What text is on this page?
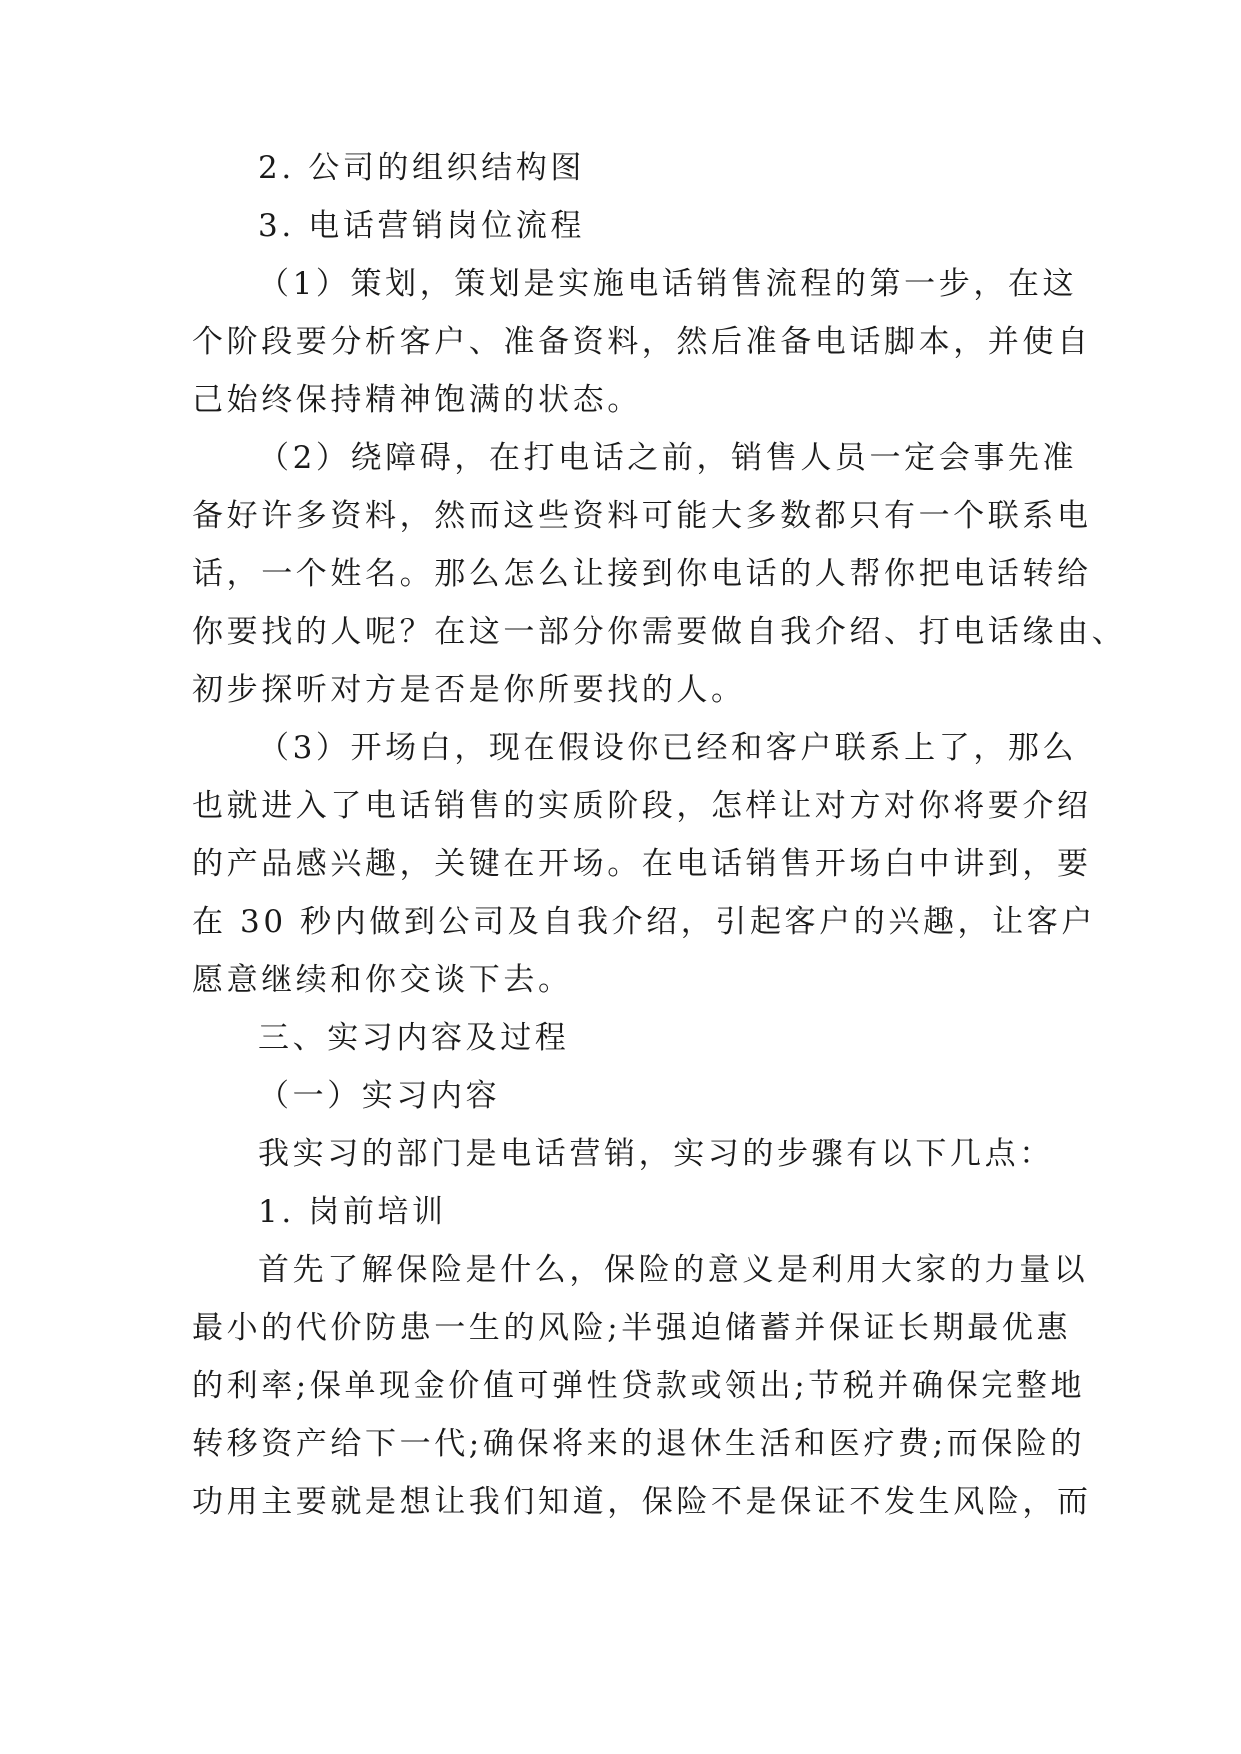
2. 公司的组织结构图
3. 电话营销岗位流程
（1）策划，策划是实施电话销售流程的第一步，在这
个阶段要分析客户、准备资料，然后准备电话脚本，并使自
己始终保持精神饱满的状态。
（2）绕障碍，在打电话之前，销售人员一定会事先准
备好许多资料，然而这些资料可能大多数都只有一个联系电
话，一个姓名。那么怎么让接到你电话的人帮你把电话转给
你要找的人呢？在这一部分你需要做自我介绍、打电话缘由、
初步探听对方是否是你所要找的人。
（3）开场白，现在假设你已经和客户联系上了，那么
也就进入了电话销售的实质阶段，怎样让对方对你将要介绍
的产品感兴趣，关键在开场。在电话销售开场白中讲到，要
在 30 秒内做到公司及自我介绍，引起客户的兴趣，让客户
愿意继续和你交谈下去。
三、实习内容及过程
（一）实习内容
我实习的部门是电话营销，实习的步骤有以下几点：
1. 岗前培训
首先了解保险是什么，保险的意义是利用大家的力量以
最小的代价防患一生的风险;半强迫储蓄并保证长期最优惠
的利率;保单现金价值可弹性贷款或领出;节税并确保完整地
转移资产给下一代;确保将来的退休生活和医疗费;而保险的
功用主要就是想让我们知道，保险不是保证不发生风险，而
